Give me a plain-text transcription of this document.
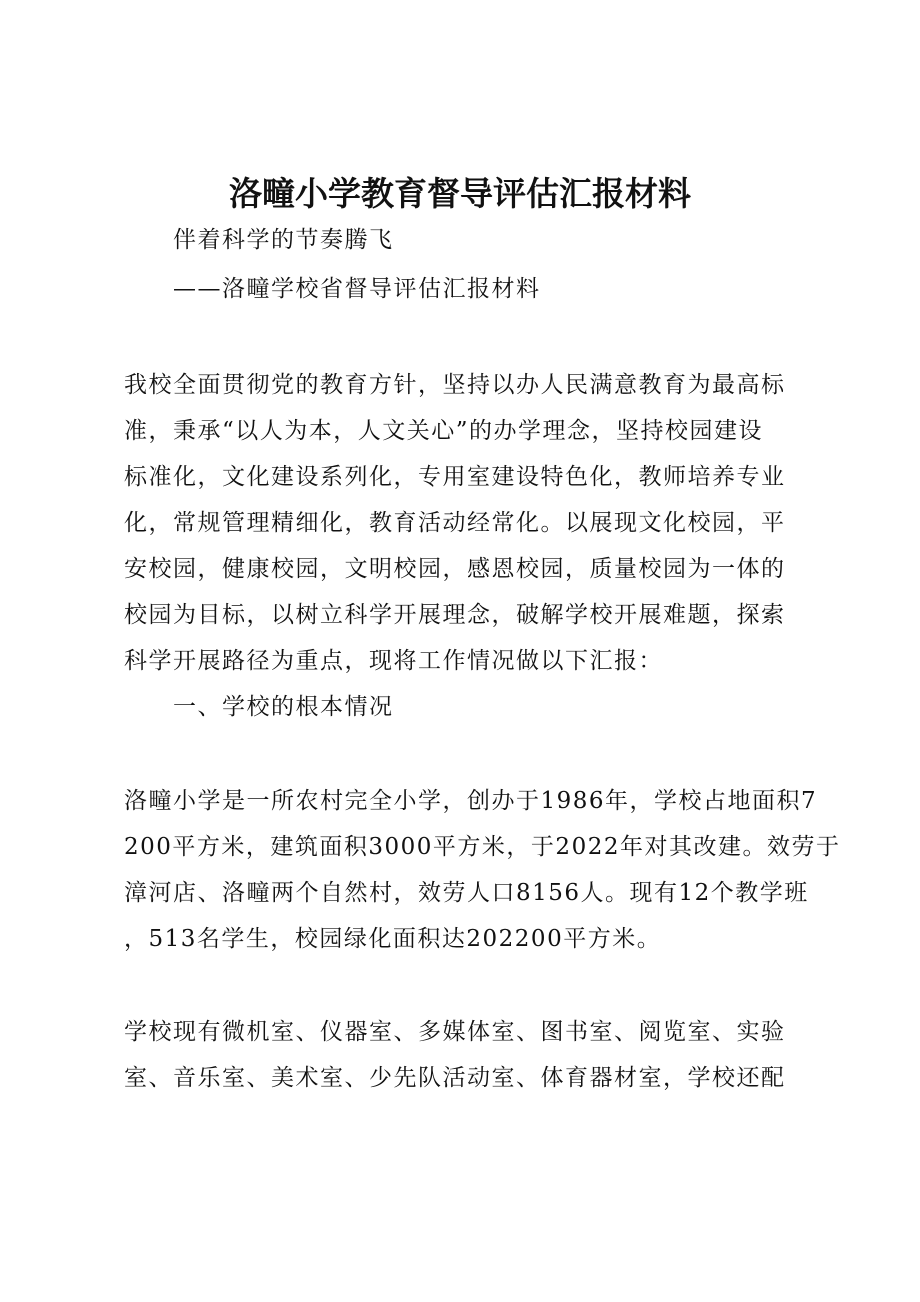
洛疃小学教育督导评估汇报材料
伴着科学的节奏腾飞
——洛疃学校省督导评估汇报材料
我校全面贯彻党的教育方针，坚持以办人民满意教育为最高标
准，秉承“以人为本，人文关心”的办学理念，坚持校园建设
标准化，文化建设系列化，专用室建设特色化，教师培养专业
化，常规管理精细化，教育活动经常化。以展现文化校园，平
安校园，健康校园，文明校园，感恩校园，质量校园为一体的
校园为目标，以树立科学开展理念，破解学校开展难题，探索
科学开展路径为重点，现将工作情况做以下汇报：
一、学校的根本情况
洛疃小学是一所农村完全小学，创办于1986年，学校占地面积7
200平方米，建筑面积3000平方米，于2022年对其改建。效劳于
漳河店、洛疃两个自然村，效劳人口8156人。现有12个教学班
，513名学生，校园绿化面积达202200平方米。
学校现有微机室、仪器室、多媒体室、图书室、阅览室、实验
室、音乐室、美术室、少先队活动室、体育器材室，学校还配
